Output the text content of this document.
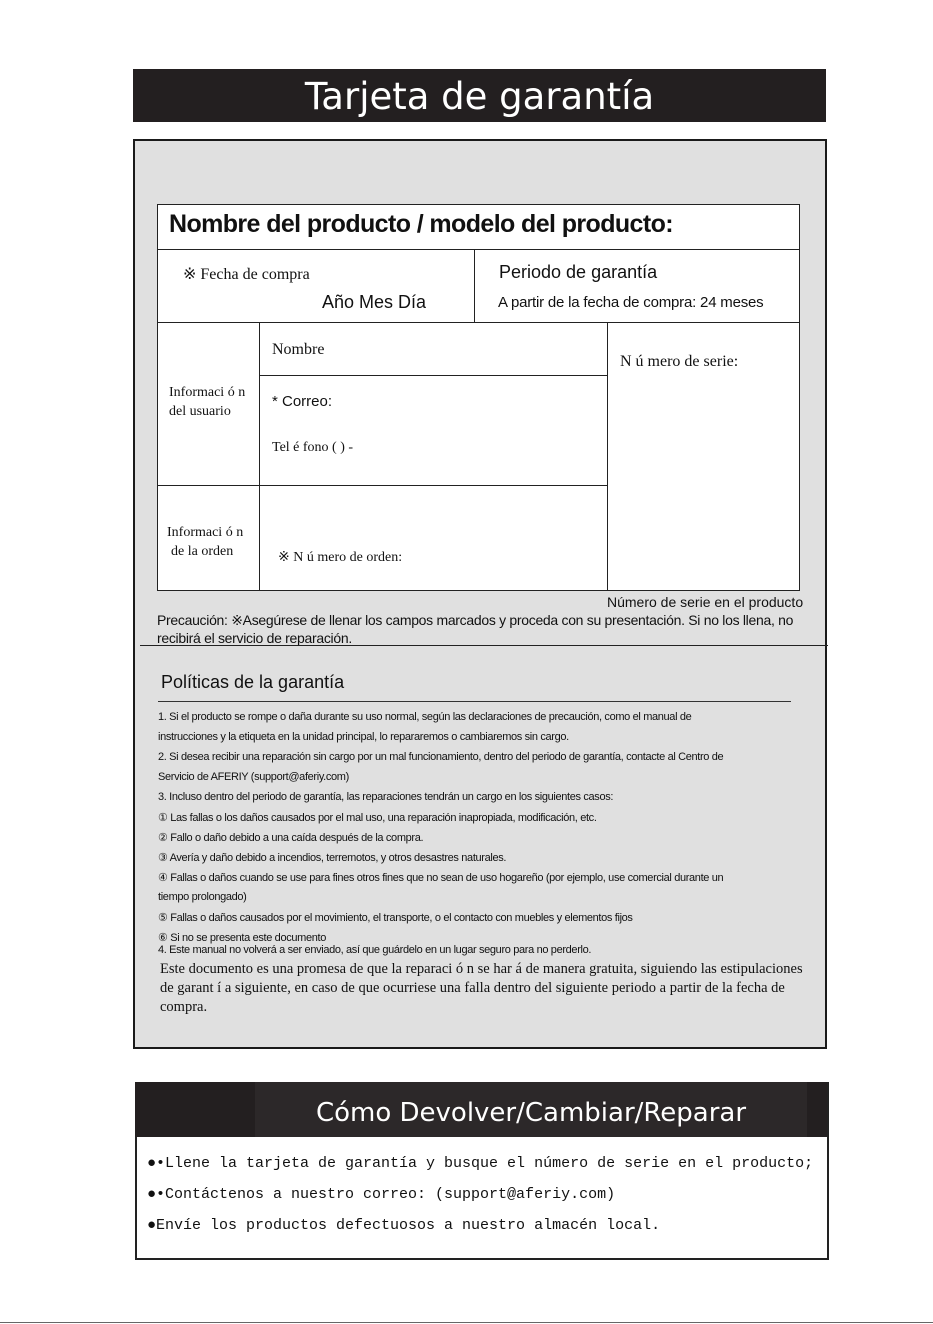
Tarjeta de garantía
Nombre del producto / modelo del producto:
※ Fecha de compra
Año Mes Día
Periodo de garantía
A partir de la fecha de compra: 24 meses
Informaci ó n
del usuario
Nombre
* Correo:
Tel é fono ( ) -
Informaci ó n
de la orden	※ N ú mero de orden:
N ú mero de serie:
Número de serie en el producto
Precaución: ※Asegúrese de llenar los campos marcados y proceda con su presentación. Si no los llena, no recibirá el servicio de reparación.
Políticas de la garantía
1. Si el producto se rompe o daña durante su uso normal, según las declaraciones de precaución, como el manual de
instrucciones y la etiqueta en la unidad principal, lo repararemos o cambiaremos sin cargo.
2. Si desea recibir una reparación sin cargo por un mal funcionamiento, dentro del periodo de garantía, contacte al Centro de
Servicio de AFERIY (support@aferiy.com)
3. Incluso dentro del periodo de garantía, las reparaciones tendrán un cargo en los siguientes casos:
① Las fallas o los daños causados por el mal uso, una reparación inapropiada, modificación, etc.
② Fallo o daño debido a una caída después de la compra.
③ Avería y daño debido a incendios, terremotos, y otros desastres naturales.
④ Fallas o daños cuando se use para fines otros fines que no sean de uso hogareño (por ejemplo, use comercial durante un
tiempo prolongado)
⑤ Fallas o daños causados por el movimiento, el transporte, o el contacto con muebles y elementos fijos
⑥ Si no se presenta este documento
4. Este manual no volverá a ser enviado, así que guárdelo en un lugar seguro para no perderlo.
Este documento es una promesa de que la reparaci ó n se har á de manera gratuita, siguiendo las estipulaciones de garant í a siguiente, en caso de que ocurriese una falla dentro del siguiente periodo a partir de la fecha de compra.
Cómo Devolver/Cambiar/Reparar
●•Llene la tarjeta de garantía y busque el número de serie en el producto;
●•Contáctenos a nuestro correo: (support@aferiy.com)
●Envíe los productos defectuosos a nuestro almacén local.
